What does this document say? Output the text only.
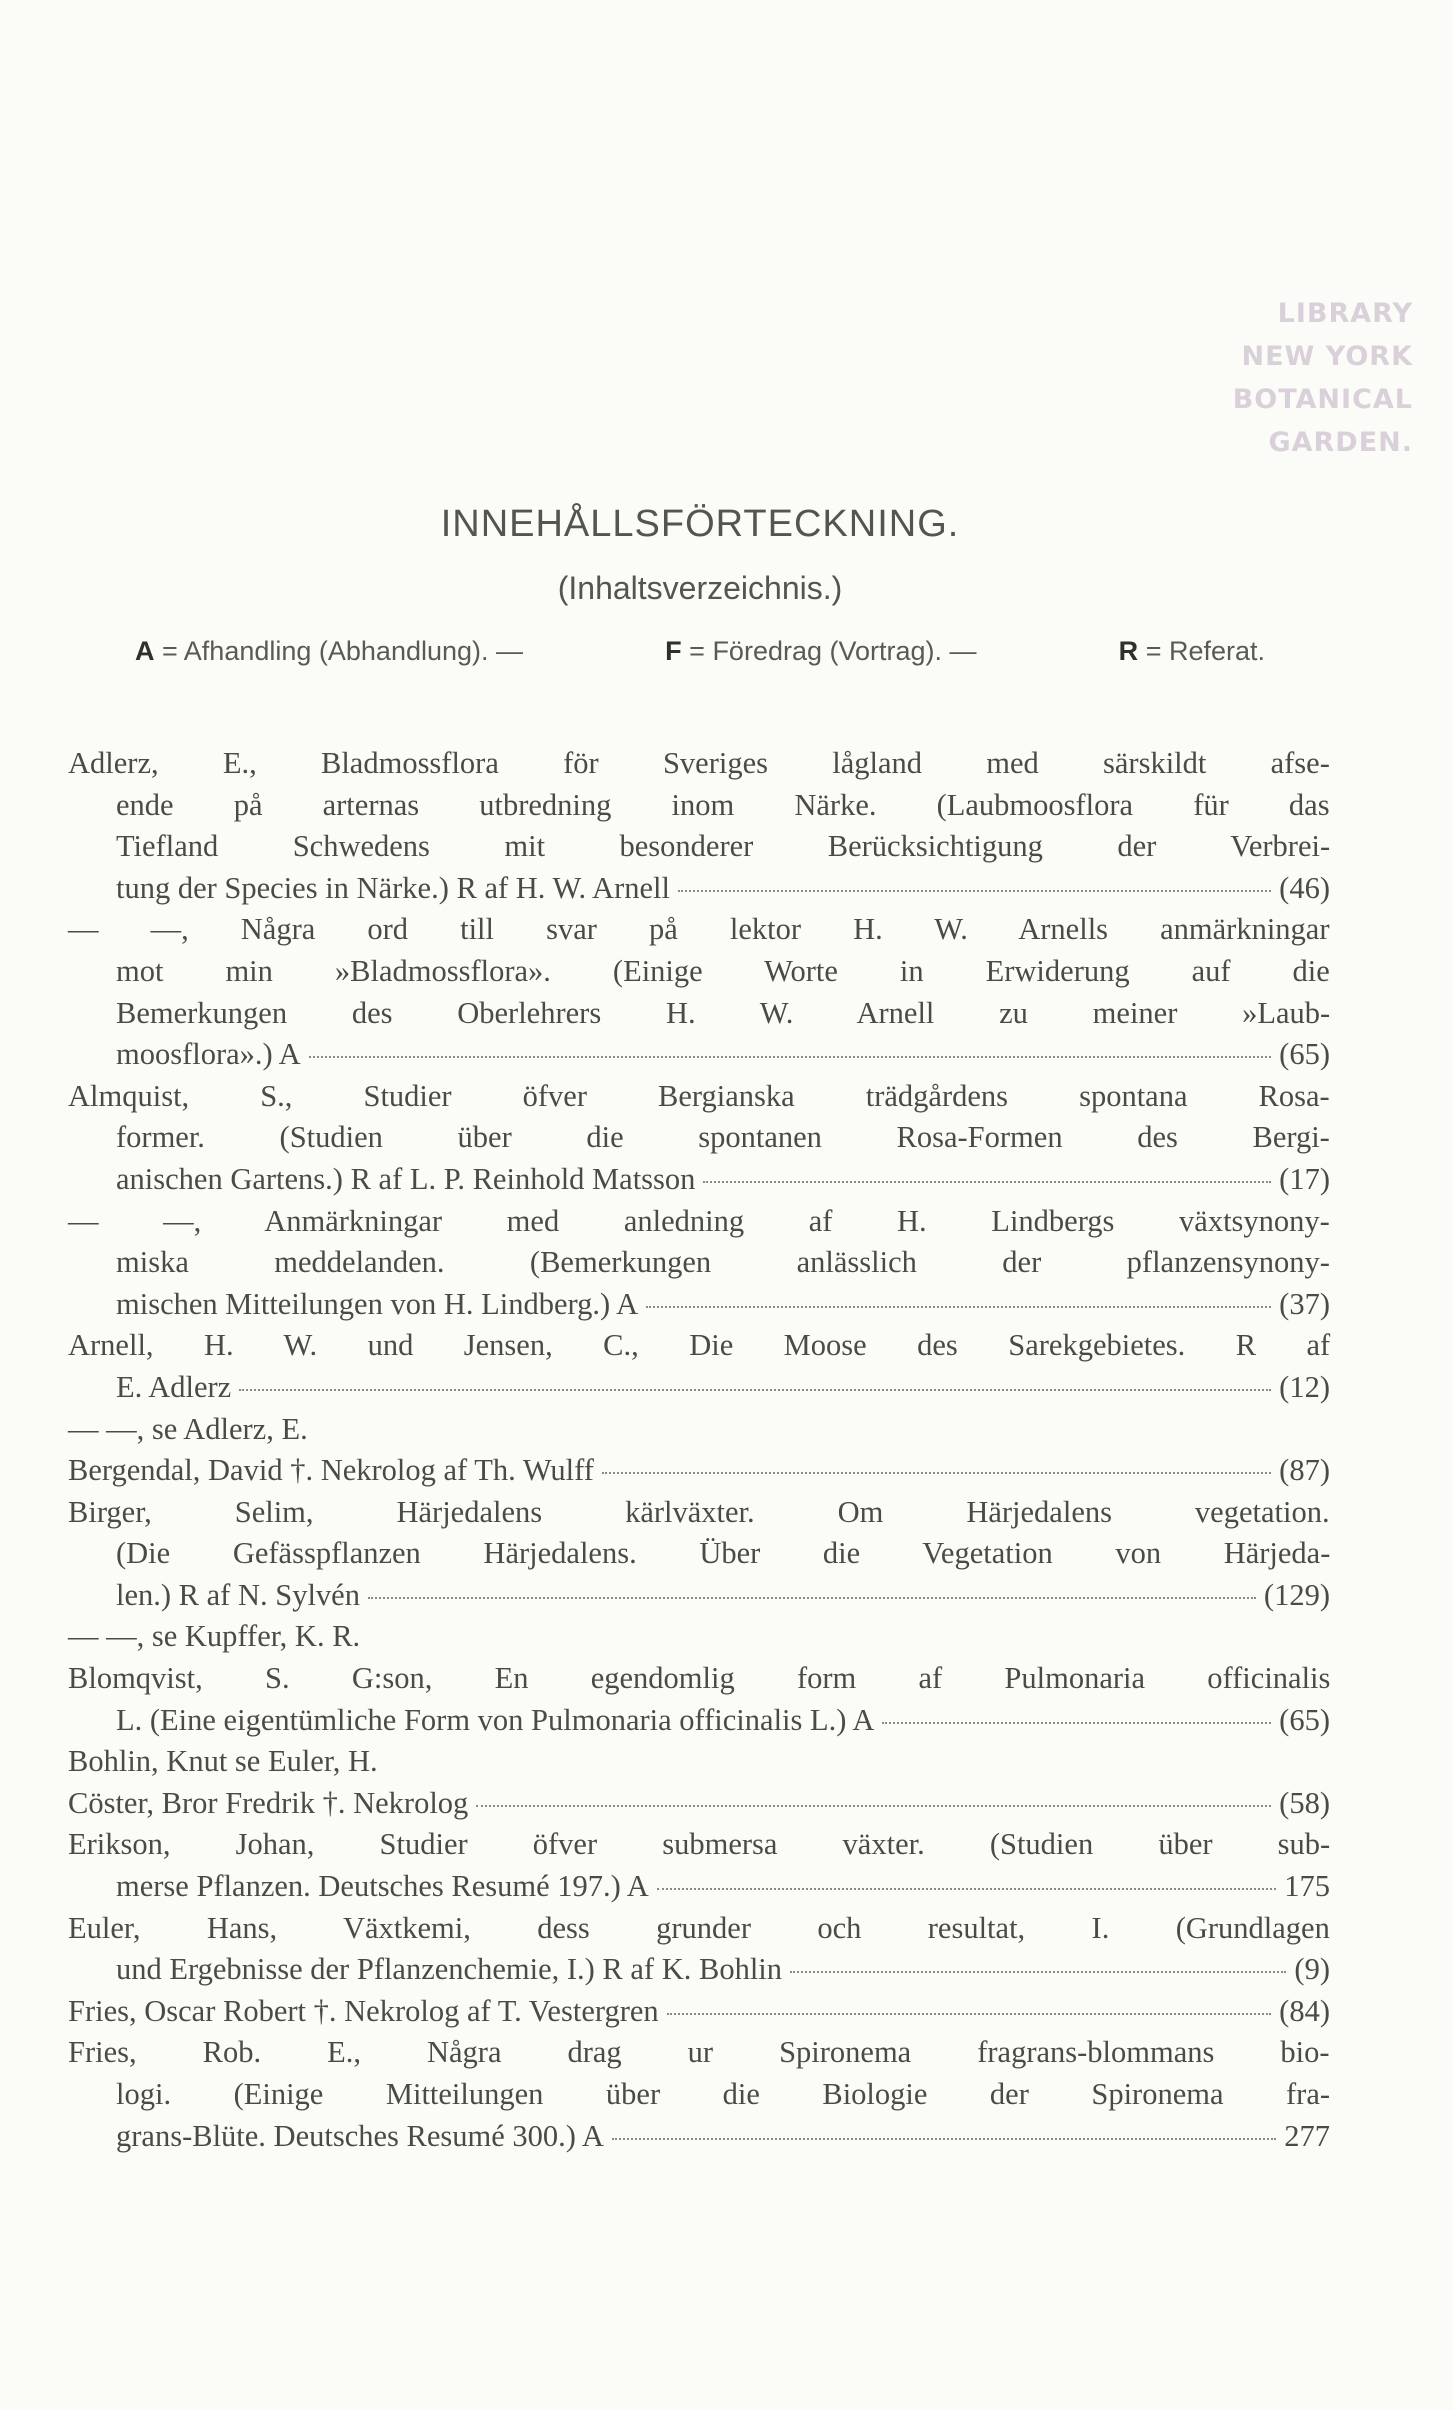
LIBRARY
NEW YORK
BOTANICAL
GARDEN.
INNEHÅLLSFÖRTECKNING.
(Inhaltsverzeichnis.)
A = Afhandling (Abhandlung). —	F = Föredrag (Vortrag). —	R = Referat.
Adlerz, E., Bladmossflora för Sveriges lågland med särskildt afse-
ende på arternas utbredning inom Närke. (Laubmoosflora für das
Tiefland Schwedens mit besonderer Berücksichtigung der Verbrei-
tung der Species in Närke.) R af H. W. Arnell	(46)
— —, Några ord till svar på lektor H. W. Arnells anmärkningar
mot min »Bladmossflora». (Einige Worte in Erwiderung auf die
Bemerkungen des Oberlehrers H. W. Arnell zu meiner »Laub-
moosflora».) A	(65)
Almquist, S., Studier öfver Bergianska trädgårdens spontana Rosa-
former. (Studien über die spontanen Rosa-Formen des Bergi-
anischen Gartens.) R af L. P. Reinhold Matsson	(17)
— —, Anmärkningar med anledning af H. Lindbergs växtsynony-
miska meddelanden. (Bemerkungen anlässlich der pflanzensynony-
mischen Mitteilungen von H. Lindberg.) A	(37)
Arnell, H. W. und Jensen, C., Die Moose des Sarekgebietes. R af
E. Adlerz	(12)
— —, se Adlerz, E.
Bergendal, David †. Nekrolog af Th. Wulff	(87)
Birger, Selim, Härjedalens kärlväxter. Om Härjedalens vegetation.
(Die Gefässpflanzen Härjedalens. Über die Vegetation von Härjeda-
len.) R af N. Sylvén	(129)
— —, se Kupffer, K. R.
Blomqvist, S. G:son, En egendomlig form af Pulmonaria officinalis
L. (Eine eigentümliche Form von Pulmonaria officinalis L.) A	(65)
Bohlin, Knut se Euler, H.
Cöster, Bror Fredrik †. Nekrolog	(58)
Erikson, Johan, Studier öfver submersa växter. (Studien über sub-
merse Pflanzen. Deutsches Resumé 197.) A	175
Euler, Hans, Växtkemi, dess grunder och resultat, I. (Grundlagen
und Ergebnisse der Pflanzenchemie, I.) R af K. Bohlin	(9)
Fries, Oscar Robert †. Nekrolog af T. Vestergren	(84)
Fries, Rob. E., Några drag ur Spironema fragrans-blommans bio-
logi. (Einige Mitteilungen über die Biologie der Spironema fra-
grans-Blüte. Deutsches Resumé 300.) A	277
